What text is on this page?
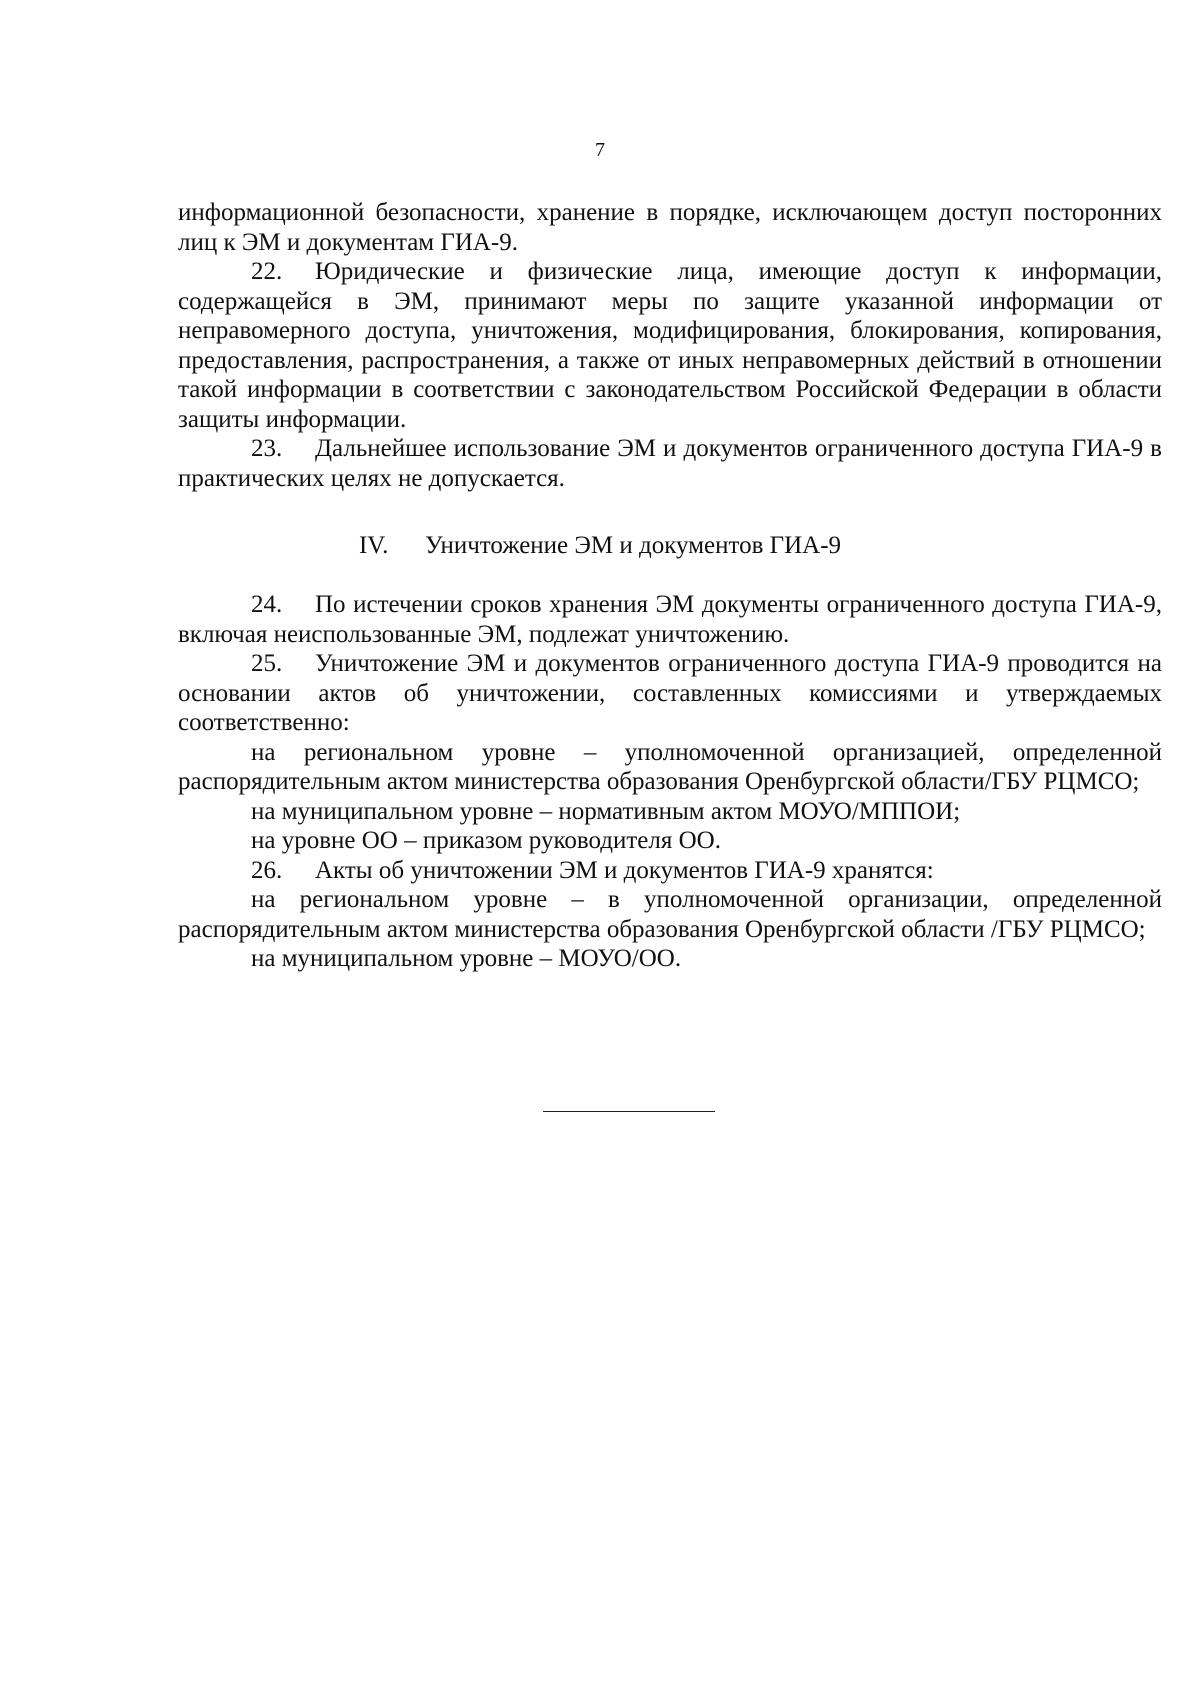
7

информационной безопасности, хранение в порядке, исключающем доступ посторонних лиц к ЭМ и документам ГИА-9.

22. Юридические и физические лица, имеющие доступ к информации, содержащейся в ЭМ, принимают меры по защите указанной информации от неправомерного доступа, уничтожения, модифицирования, блокирования, копирования, предоставления, распространения, а также от иных неправомерных действий в отношении такой информации в соответствии с законодательством Российской Федерации в области защиты информации.

23. Дальнейшее использование ЭМ и документов ограниченного доступа ГИА-9 в практических целях не допускается.

IV. Уничтожение ЭМ и документов ГИА-9

24. По истечении сроков хранения ЭМ документы ограниченного доступа ГИА-9, включая неиспользованные ЭМ, подлежат уничтожению.

25. Уничтожение ЭМ и документов ограниченного доступа ГИА-9 проводится на основании актов об уничтожении, составленных комиссиями и утверждаемых соответственно:

на региональном уровне – уполномоченной организацией, определенной распорядительным актом министерства образования Оренбургской области/ГБУ РЦМСО;

на муниципальном уровне – нормативным актом МОУО/МППОИ;

на уровне ОО – приказом руководителя ОО.

26. Акты об уничтожении ЭМ и документов ГИА-9 хранятся:

на региональном уровне – в уполномоченной организации, определенной распорядительным актом министерства образования Оренбургской области /ГБУ РЦМСО;

на муниципальном уровне – МОУО/ОО.
